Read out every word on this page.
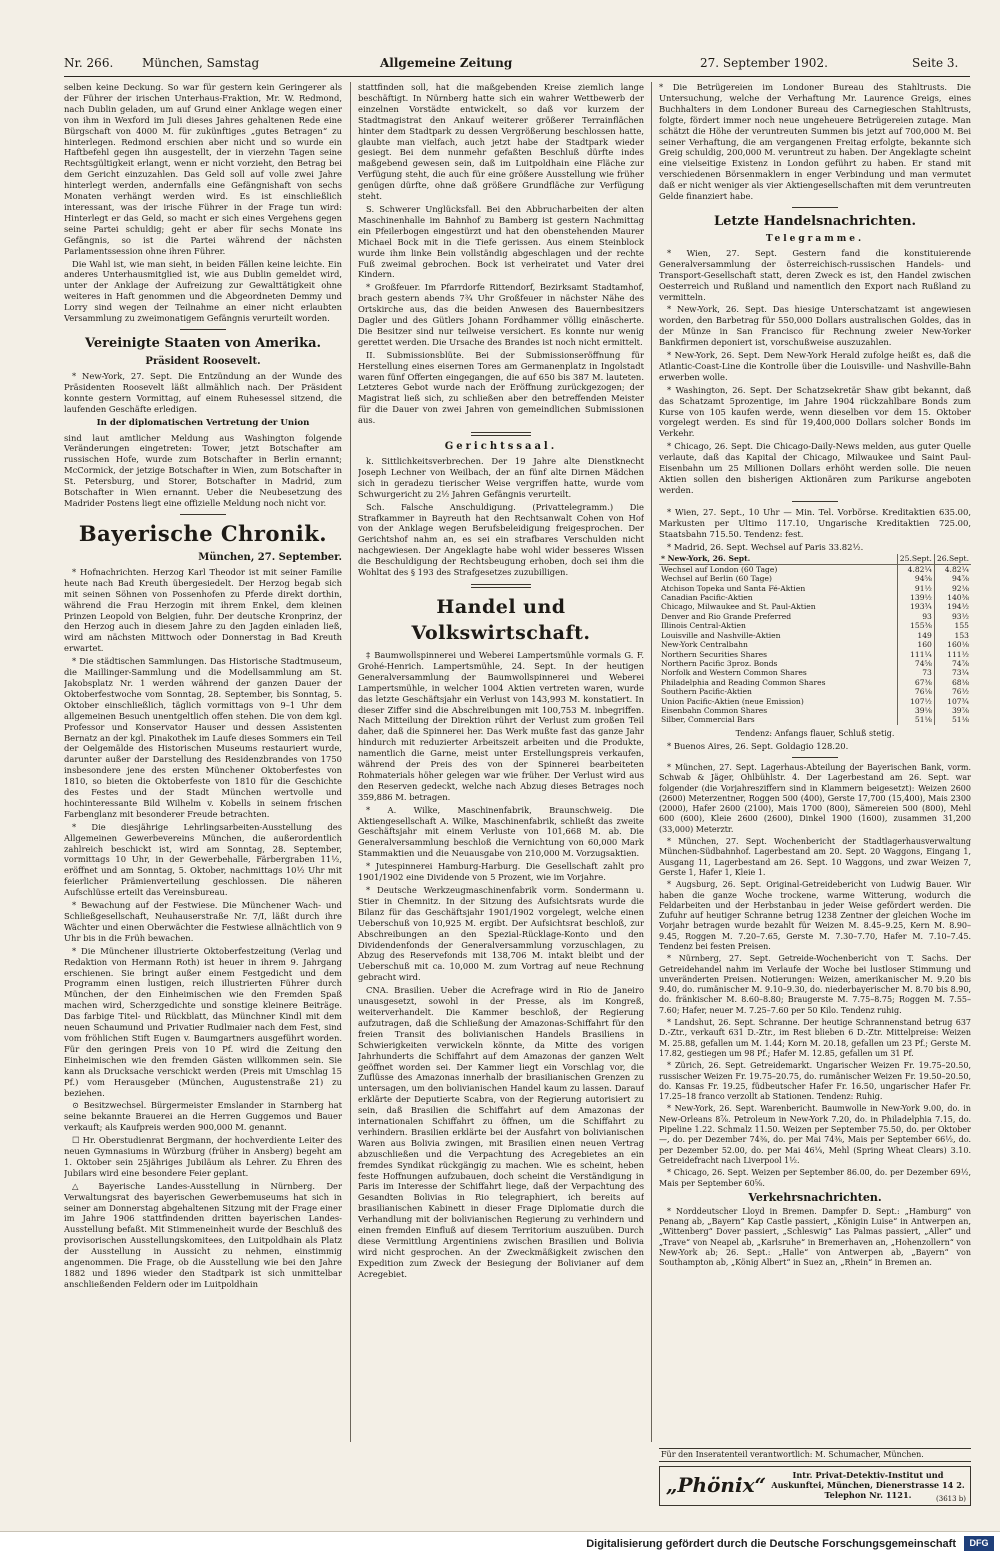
Nr. 266. München, Samstag	Allgemeine Zeitung	27. September 1902.	Seite 3.

selben keine Deckung. So war für gestern kein Geringerer als der Führer der irischen Unterhaus-Fraktion, Mr. W. Redmond, nach Dublin geladen, um auf Grund einer Anklage wegen einer von ihm in Wexford im Juli dieses Jahres gehaltenen Rede eine Bürgschaft von 4000 M. für zukünftiges „gutes Betragen“ zu hinterlegen. Redmond erschien aber nicht und so wurde ein Haftbefehl gegen ihn ausgestellt, der in vierzehn Tagen seine Rechtsgültigkeit erlangt, wenn er nicht vorzieht, den Betrag bei dem Gericht einzuzahlen. Das Geld soll auf volle zwei Jahre hinterlegt werden, andernfalls eine Gefängnishaft von sechs Monaten verhängt werden wird. Es ist einschließlich interessant, was der irische Führer in der Frage tun wird: Hinterlegt er das Geld, so macht er sich eines Vergehens gegen seine Partei schuldig; geht er aber für sechs Monate ins Gefängnis, so ist die Partei während der nächsten Parlamentssession ohne ihren Führer.

Die Wahl ist, wie man sieht, in beiden Fällen keine leichte. Ein anderes Unterhausmitglied ist, wie aus Dublin gemeldet wird, unter der Anklage der Aufreizung zur Gewalttätigkeit ohne weiteres in Haft genommen und die Abgeordneten Demmy und Lorry sind wegen der Teilnahme an einer nicht erlaubten Versammlung zu zweimonatigem Gefängnis verurteilt worden.

Vereinigte Staaten von Amerika.
Präsident Roosevelt.

* New-York, 27. Sept. Die Entzündung an der Wunde des Präsidenten Roosevelt läßt allmählich nach. Der Präsident konnte gestern Vormittag, auf einem Ruhesessel sitzend, die laufenden Geschäfte erledigen.

In der diplomatischen Vertretung der Union

sind laut amtlicher Meldung aus Washington folgende Veränderungen eingetreten: Tower, jetzt Botschafter am russischen Hofe, wurde zum Botschafter in Berlin ernannt; McCormick, der jetzige Botschafter in Wien, zum Botschafter in St. Petersburg, und Storer, Botschafter in Madrid, zum Botschafter in Wien ernannt. Ueber die Neubesetzung des Madrider Postens liegt eine offizielle Meldung noch nicht vor.

Bayerische Chronik.
München, 27. September.

* Hofnachrichten. Herzog Karl Theodor ist mit seiner Familie heute nach Bad Kreuth übergesiedelt. Der Herzog begab sich mit seinen Söhnen von Possenhofen zu Pferde direkt dorthin, während die Frau Herzogin mit ihrem Enkel, dem kleinen Prinzen Leopold von Belgien, fuhr. Der deutsche Kronprinz, der den Herzog auch in diesem Jahre zu den Jagden einladen ließ, wird am nächsten Mittwoch oder Donnerstag in Bad Kreuth erwartet.

* Die städtischen Sammlungen. Das Historische Stadtmuseum, die Maillinger-Sammlung und die Modellsammlung am St. Jakobsplatz Nr. 1 werden während der ganzen Dauer der Oktoberfestwoche vom Sonntag, 28. September, bis Sonntag, 5. Oktober einschließlich, täglich vormittags von 9–1 Uhr dem allgemeinen Besuch unentgeltlich offen stehen. Die von dem kgl. Professor und Konservator Hauser und dessen Assistenten Bernatz an der kgl. Pinakothek im Laufe dieses Sommers ein Teil der Oelgemälde des Historischen Museums restauriert wurde, darunter außer der Darstellung des Residenzbrandes von 1750 insbesondere jene des ersten Münchener Oktoberfestes von 1810, so bieten die Oktoberfeste von 1810 für die Geschichte des Festes und der Stadt München wertvolle und hochinteressante Bild Wilhelm v. Kobells in seinem frischen Farbenglanz mit besonderer Freude betrachten.

* Die diesjährige Lehrlingsarbeiten-Ausstellung des Allgemeinen Gewerbevereins München, die außerordentlich zahlreich beschickt ist, wird am Sonntag, 28. September, vormittags 10 Uhr, in der Gewerbehalle, Färbergraben 11½, eröffnet und am Sonntag, 5. Oktober, nachmittags 10½ Uhr mit feierlicher Prämienverteilung geschlossen. Die näheren Aufschlüsse erteilt das Vereinsbureau.

* Bewachung auf der Festwiese. Die Münchener Wach- und Schließgesellschaft, Neuhauserstraße Nr. 7/I, läßt durch ihre Wächter und einen Oberwächter die Festwiese allnächtlich von 9 Uhr bis in die Früh bewachen.

* Die Münchener illustrierte Oktoberfestzeitung (Verlag und Redaktion von Hermann Roth) ist heuer in ihrem 9. Jahrgang erschienen. Sie bringt außer einem Festgedicht und dem Programm einen lustigen, reich illustrierten Führer durch München, der den Einheimischen wie den Fremden Spaß machen wird, Scherzgedichte und sonstige kleinere Beiträge. Das farbige Titel- und Rückblatt, das Münchner Kindl mit dem neuen Schaumund und Privatier Rudlmaier nach dem Fest, sind vom fröhlichen Stift Eugen v. Baumgartners ausgeführt worden. Für den geringen Preis von 10 Pf. wird die Zeitung den Einheimischen wie den fremden Gästen willkommen sein. Sie kann als Drucksache verschickt werden (Preis mit Umschlag 15 Pf.) vom Herausgeber (München, Augustenstraße 21) zu beziehen.

⊙ Besitzwechsel. Bürgermeister Emslander in Starnberg hat seine bekannte Brauerei an die Herren Guggemos und Bauer verkauft; als Kaufpreis werden 900,000 M. genannt.

☐ Hr. Oberstudienrat Bergmann, der hochverdiente Leiter des neuen Gymnasiums in Würzburg (früher in Ansberg) begeht am 1. Oktober sein 25jähriges Jubiläum als Lehrer. Zu Ehren des Jubilars wird eine besondere Feier geplant.

△ Bayerische Landes-Ausstellung in Nürnberg. Der Verwaltungsrat des bayerischen Gewerbemuseums hat sich in seiner am Donnerstag abgehaltenen Sitzung mit der Frage einer im Jahre 1906 stattfindenden dritten bayerischen Landes-Ausstellung befaßt. Mit Stimmeneinheit wurde der Beschluß des provisorischen Ausstellungskomitees, den Luitpoldhain als Platz der Ausstellung in Aussicht zu nehmen, einstimmig angenommen. Die Frage, ob die Ausstellung wie bei den Jahre 1882 und 1896 wieder den Stadtpark ist sich unmittelbar anschließenden Feldern oder im Luitpoldhain

stattfinden soll, hat die maßgebenden Kreise ziemlich lange beschäftigt. In Nürnberg hatte sich ein wahrer Wettbewerb der einzelnen Vorstädte entwickelt, so daß vor kurzem der Stadtmagistrat den Ankauf weiterer größerer Terrainflächen hinter dem Stadtpark zu dessen Vergrößerung beschlossen hatte, glaubte man vielfach, auch jetzt habe der Stadtpark wieder gesiegt. Bei dem nunmehr gefaßten Beschluß dürfte indes maßgebend gewesen sein, daß im Luitpoldhain eine Fläche zur Verfügung steht, die auch für eine größere Ausstellung wie früher genügen dürfte, ohne daß größere Grundfläche zur Verfügung steht.

S. Schwerer Unglücksfall. Bei den Abbrucharbeiten der alten Maschinenhalle im Bahnhof zu Bamberg ist gestern Nachmittag ein Pfeilerbogen eingestürzt und hat den obenstehenden Maurer Michael Bock mit in die Tiefe gerissen. Aus einem Steinblock wurde ihm linke Bein vollständig abgeschlagen und der rechte Fuß zweimal gebrochen. Bock ist verheiratet und Vater drei Kindern.

* Großfeuer. Im Pfarrdorfe Rittendorf, Bezirksamt Stadtamhof, brach gestern abends 7¾ Uhr Großfeuer in nächster Nähe des Ortskirche aus, das die beiden Anwesen des Bauernbesitzers Dagler und des Gütlers Johann Fordhammer völlig einäscherte. Die Besitzer sind nur teilweise versichert. Es konnte nur wenig gerettet werden. Die Ursache des Brandes ist noch nicht ermittelt.

II. Submissionsblüte. Bei der Submissionseröffnung für Herstellung eines eisernen Tores am Germanenplatz in Ingolstadt waren fünf Offerten eingegangen, die auf 650 bis 387 M. lauteten. Letzteres Gebot wurde nach der Eröffnung zurückgezogen; der Magistrat ließ sich, zu schließen aber den betreffenden Meister für die Dauer von zwei Jahren von gemeindlichen Submissionen aus.

Gerichtssaal.

k. Sittlichkeitsverbrechen. Der 19 Jahre alte Dienstknecht Joseph Lechner von Weilbach, der an fünf alte Dirnen Mädchen sich in geradezu tierischer Weise vergriffen hatte, wurde vom Schwurgericht zu 2½ Jahren Gefängnis verurteilt.

Sch. Falsche Anschuldigung. (Privattelegramm.) Die Strafkammer in Bayreuth hat den Rechtsanwalt Cohen von Hof von der Anklage wegen Berufsbeleidigung freigesprochen. Der Gerichtshof nahm an, es sei ein strafbares Verschulden nicht nachgewiesen. Der Angeklagte habe wohl wider besseres Wissen die Beschuldigung der Rechtsbeugung erhoben, doch sei ihm die Wohltat des § 193 des Strafgesetzes zuzubilligen.

Handel und Volkswirtschaft.

‡ Baumwollspinnerei und Weberei Lampertsmühle vormals G. F. Grohé-Henrich. Lampertsmühle, 24. Sept. In der heutigen Generalversammlung der Baumwollspinnerei und Weberei Lampertsmühle, in welcher 1004 Aktien vertreten waren, wurde das letzte Geschäftsjahr ein Verlust von 143,993 M. konstatiert. In dieser Ziffer sind die Abschreibungen mit 100,753 M. inbegriffen. Nach Mitteilung der Direktion rührt der Verlust zum großen Teil daher, daß die Spinnerei her. Das Werk mußte fast das ganze Jahr hindurch mit reduzierter Arbeitszeit arbeiten und die Produkte, namentlich die Garne, meist unter Erstellungspreis verkaufen, während der Preis des von der Spinnerei bearbeiteten Rohmaterials höher gelegen war wie früher. Der Verlust wird aus den Reserven gedeckt, welche nach Abzug dieses Betrages noch 359,886 M. betragen.

* A. Wilke, Maschinenfabrik, Braunschweig. Die Aktiengesellschaft A. Wilke, Maschinenfabrik, schließt das zweite Geschäftsjahr mit einem Verluste von 101,668 M. ab. Die Generalversammlung beschloß die Vernichtung von 60,000 Mark Stammaktien und die Neuausgabe von 210,000 M. Vorzugsaktien.

* Jutespinnerei Hamburg-Harburg. Die Gesellschaft zahlt pro 1901/1902 eine Dividende von 5 Prozent, wie im Vorjahre.

* Deutsche Werkzeugmaschinenfabrik vorm. Sondermann u. Stier in Chemnitz. In der Sitzung des Aufsichtsrats wurde die Bilanz für das Geschäftsjahr 1901/1902 vorgelegt, welche einen Ueberschuß von 10,925 M. ergibt. Der Aufsichtsrat beschloß, zur Abschreibungen an den Spezial-Rücklage-Konto und den Dividendenfonds der Generalversammlung vorzuschlagen, zu Abzug des Reservefonds mit 138,706 M. intakt bleibt und der Ueberschuß mit ca. 10,000 M. zum Vortrag auf neue Rechnung gebracht wird.

CNA. Brasilien. Ueber die Acrefrage wird in Rio de Janeiro unausgesetzt, sowohl in der Presse, als im Kongreß, weiterverhandelt. Die Kammer beschloß, der Regierung aufzutragen, daß die Schließung der Amazonas-Schiffahrt für den freien Transit des bolivianischen Handels Brasiliens in Schwierigkeiten verwickeln könnte, da Mitte des vorigen Jahrhunderts die Schiffahrt auf dem Amazonas der ganzen Welt geöffnet worden sei. Der Kammer liegt ein Vorschlag vor, die Zuflüsse des Amazonas innerhalb der brasilianischen Grenzen zu untersagen, um den bolivianischen Handel kaum zu lassen. Darauf erklärte der Deputierte Scabra, von der Regierung autorisiert zu sein, daß Brasilien die Schiffahrt auf dem Amazonas der internationalen Schiffahrt zu öffnen, um die Schiffahrt zu verhindern. Brasilien erklärte bei der Ausfahrt von bolivianischen Waren aus Bolivia zwingen, mit Brasilien einen neuen Vertrag abzuschließen und die Verpachtung des Acregebietes an ein fremdes Syndikat rückgängig zu machen. Wie es scheint, heben feste Hoffnungen aufzubauen, doch scheint die Verständigung in Paris im Interesse der Schiffahrt liege, daß der Verpachtung des Gesandten Bolivias in Rio telegraphiert, ich bereits auf brasilianischen Kabinett in dieser Frage Diplomatie durch die Verhandlung mit der bolivianischen Regierung zu verhindern und einen fremden Einfluß auf diesem Territorium auszuüben. Durch diese Vermittlung Argentiniens zwischen Brasilien und Bolivia wird nicht gesprochen. An der Zweckmäßigkeit zwischen den Expedition zum Zweck der Besiegung der Bolivianer auf dem Acregebiet.

* Die Betrügereien im Londoner Bureau des Stahltrusts. Die Untersuchung, welche der Verhaftung Mr. Laurence Greigs, eines Buchhalters in dem Londoner Bureau des Carnegieschen Stahltrusts, folgte, fördert immer noch neue ungeheuere Betrügereien zutage. Man schätzt die Höhe der veruntreuten Summen bis jetzt auf 700,000 M. Bei seiner Verhaftung, die am vergangenen Freitag erfolgte, bekannte sich Greig schuldig, 200,000 M. veruntreut zu haben. Der Angeklagte scheint eine vielseitige Existenz in London geführt zu haben. Er stand mit verschiedenen Börsenmaklern in enger Verbindung und man vermutet daß er nicht weniger als vier Aktiengesellschaften mit dem veruntreuten Gelde finanziert habe.

Letzte Handelsnachrichten.
Telegramme.

* Wien, 27. Sept. Gestern fand die konstituierende Generalversammlung der österreichisch-russischen Handels- und Transport-Gesellschaft statt, deren Zweck es ist, den Handel zwischen Oesterreich und Rußland und namentlich den Export nach Rußland zu vermitteln.

* New-York, 26. Sept. Das hiesige Unterschatzamt ist angewiesen worden, den Barbetrag für 550,000 Dollars australischen Goldes, das in der Münze in San Francisco für Rechnung zweier New-Yorker Bankfirmen deponiert ist, vorschußweise auszuzahlen.

* New-York, 26. Sept. Dem New-York Herald zufolge heißt es, daß die Atlantic-Coast-Line die Kontrolle über die Louisville- und Nashville-Bahn erwerben wolle.

* Washington, 26. Sept. Der Schatzsekretär Shaw gibt bekannt, daß das Schatzamt 5prozentige, im Jahre 1904 rückzahlbare Bonds zum Kurse von 105 kaufen werde, wenn dieselben vor dem 15. Oktober vorgelegt werden. Es sind für 19,400,000 Dollars solcher Bonds im Verkehr.

* Chicago, 26. Sept. Die Chicago-Daily-News melden, aus guter Quelle verlaute, daß das Kapital der Chicago, Milwaukee und Saint Paul-Eisenbahn um 25 Millionen Dollars erhöht werden solle. Die neuen Aktien sollen den bisherigen Aktionären zum Parikurse angeboten werden.

* Wien, 27. Sept., 10 Uhr — Min. Tel. Vorbörse. Kreditaktien 635.00, Markusten per Ultimo 117.10, Ungarische Kreditaktien 725.00, Staatsbahn 715.50. Tendenz: fest.

* Madrid, 26. Sept. Wechsel auf Paris 33.82½.

* New-York, 26. Sept.	25.Sept.	26.Sept.
Wechsel auf London (60 Tage)	4.82¼	4.82¼
Wechsel auf Berlin (60 Tage)	94⅝	94⅞
Atchison Topeka und Santa Fé-Aktien	91½	92⅛
Canadian Pacific-Aktien	139½	140⅜
Chicago, Milwaukee and St. Paul-Aktien	193¾	194½
Denver and Rio Grande Preferred	93	93½
Illinois Central-Aktien	155⅜	155
Louisville and Nashville-Aktien	149	153
New-York Centralbahn	160	160⅛
Northern Securities Shares	111¼	111½
Northern Pacific 3proz. Bonds	74⅝	74⅞
Norfolk and Western Common Shares	73	73¼
Philadelphia and Reading Common Shares	67⅜	68⅛
Southern Pacific-Aktien	76⅛	76½
Union Pacific-Aktien (neue Emission)	107½	107¾
Eisenbahn Common Shares	39⅛	39⅞
Silber, Commercial Bars	51⅛	51⅛

Tendenz: Anfangs flauer, Schluß stetig.

* Buenos Aires, 26. Sept. Goldagio 128.20.

* München, 27. Sept. Lagerhaus-Abteilung der Bayerischen Bank, vorm. Schwab & Jäger, Ohlbühlstr. 4. Der Lagerbestand am 26. Sept. war folgender (die Vorjahresziffern sind in Klammern beigesetzt): Weizen 2600 (2600) Meterzentner, Roggen 500 (400), Gerste 17,700 (15,400), Mais 2300 (2000), Hafer 2600 (2100), Mais 1700 (800), Sämereien 500 (800), Mehl 600 (600), Kleie 2600 (2600), Dinkel 1900 (1600), zusammen 31,200 (33,000) Meterztr.

* München, 27. Sept. Wochenbericht der Stadtlagerhausverwaltung München-Südbahnhof. Lagerbestand am 20. Sept. 20 Waggons, Eingang 1, Ausgang 11, Lagerbestand am 26. Sept. 10 Waggons, und zwar Weizen 7, Gerste 1, Hafer 1, Kleie 1.

* Augsburg, 26. Sept. Original-Getreidebericht von Ludwig Bauer. Wir haben die ganze Woche trockene, warme Witterung, wodurch die Feldarbeiten und der Herbstanbau in jeder Weise gefördert werden. Die Zufuhr auf heutiger Schranne betrug 1238 Zentner der gleichen Woche im Vorjahr betragen wurde bezahlt für Weizen M. 8.45–9.25, Kern M. 8.90–9.45, Roggen M. 7.20–7.65, Gerste M. 7.30–7.70, Hafer M. 7.10–7.45. Tendenz bei festen Preisen.

* Nürnberg, 27. Sept. Getreide-Wochenbericht von T. Sachs. Der Getreidehandel nahm im Verlaufe der Woche bei lustloser Stimmung und unveränderten Preisen. Notierungen: Weizen, amerikanischer M. 9.20 bis 9.40, do. rumänischer M. 9.10–9.30, do. niederbayerischer M. 8.70 bis 8.90, do. fränkischer M. 8.60–8.80; Braugerste M. 7.75–8.75; Roggen M. 7.55–7.60; Hafer, neuer M. 7.25–7.60 per 50 Kilo. Tendenz ruhig.

* Landshut, 26. Sept. Schranne. Der heutige Schrannenstand betrug 637 D.-Ztr., verkauft 631 D.-Ztr., im Rest blieben 6 D.-Ztr. Mittelpreise: Weizen M. 25.88, gefallen um M. 1.44; Korn M. 20.18, gefallen um 23 Pf.; Gerste M. 17.82, gestiegen um 98 Pf.; Hafer M. 12.85, gefallen um 31 Pf.

* Zürich, 26. Sept. Getreidemarkt. Ungarischer Weizen Fr. 19.75–20.50, russischer Weizen Fr. 19.75–20.75, do. rumänischer Weizen Fr. 19.50–20.50, do. Kansas Fr. 19.25, füdbeutscher Hafer Fr. 16.50, ungarischer Hafer Fr. 17.25–18 franco verzollt ab Stationen. Tendenz: Ruhig.

* New-York, 26. Sept. Warenbericht. Baumwolle in New-York 9.00, do. in New-Orleans 8⅞. Petroleum in New-York 7.20, do. in Philadelphia 7.15, do. Pipeline 1.22. Schmalz 11.50. Weizen per September 75.50, do. per Oktober —, do. per Dezember 74⅜, do. per Mai 74⅜, Mais per September 66½, do. per Dezember 52.00, do. per Mai 46¼, Mehl (Spring Wheat Clears) 3.10. Getreidefracht nach Liverpool 1½.

* Chicago, 26. Sept. Weizen per September 86.00, do. per Dezember 69½, Mais per September 60⅝.

Verkehrsnachrichten.

* Norddeutscher Lloyd in Bremen. Dampfer D. Sept.: „Hamburg“ von Penang ab, „Bayern“ Kap Castle passiert, „Königin Luise“ in Antwerpen an, „Wittenberg“ Dover passiert, „Schleswig“ Las Palmas passiert, „Aller“ und „Trave“ von Neapel ab, „Karlsruhe“ in Bremerhaven an, „Hohenzollern“ von New-York ab; 26. Sept.: „Halle“ von Antwerpen ab, „Bayern“ von Southampton ab, „König Albert“ in Suez an, „Rhein“ in Bremen an.

Für den Inseratenteil verantwortlich: M. Schumacher, München.
„Phönix“	Intr. Privat-Detektiv-Institut und Auskunftei, München, Dienerstrasse 14 2.
Telephon Nr. 1121.	(3613 b)
Digitalisierung gefördert durch die Deutsche Forschungsgemeinschaft	DFG
